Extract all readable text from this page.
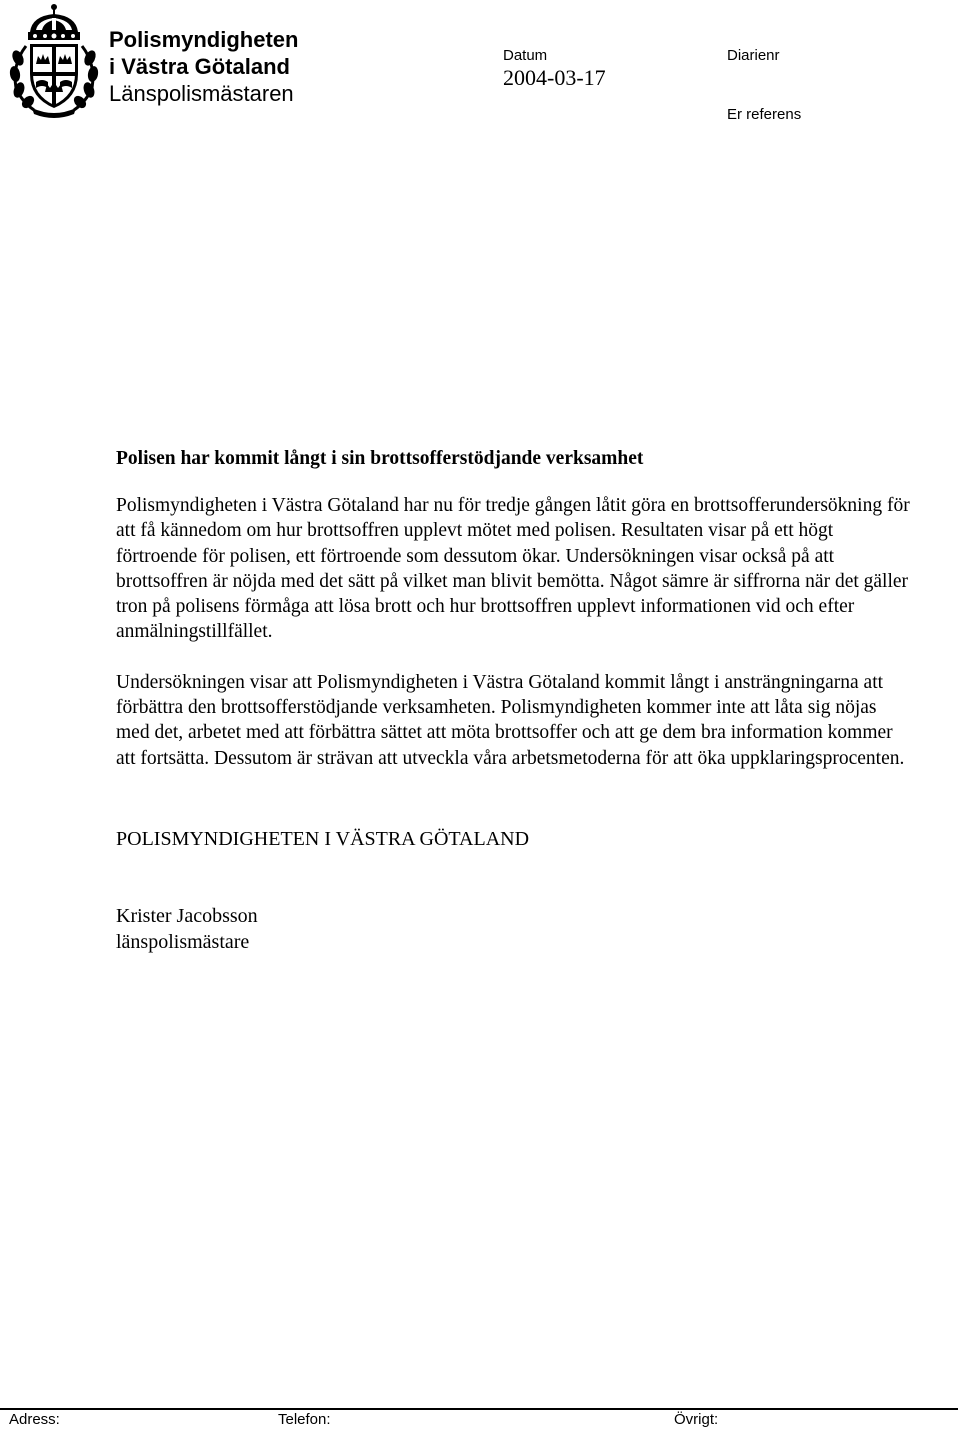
Polismyndigheten
i Västra Götaland
Länspolismästaren
Datum
2004-03-17
Diarienr
Er referens

Polisen har kommit långt i sin brottsofferstödjande verksamhet

Polismyndigheten i Västra Götaland har nu för tredje gången låtit göra en brottsofferundersökning för att få kännedom om hur brottsoffren upplevt mötet med polisen. Resultaten visar på ett högt förtroende för polisen, ett förtroende som dessutom ökar. Undersökningen visar också på att brottsoffren är nöjda med det sätt på vilket man blivit bemötta. Något sämre är siffrorna när det gäller tron på polisens förmåga att lösa brott och hur brottsoffren upplevt informationen vid och efter anmälningstillfället.

Undersökningen visar att Polismyndigheten i Västra Götaland kommit långt i ansträngningarna att förbättra den brottsofferstödjande verksamheten. Polismyndigheten kommer inte att låta sig nöjas med det, arbetet med att förbättra sättet att möta brottsoffer och att ge dem bra information kommer att fortsätta. Dessutom är strävan att utveckla våra arbetsmetoderna för att öka uppklaringsprocenten.

POLISMYNDIGHETEN I VÄSTRA GÖTALAND
Krister Jacobsson
länspolismästare
Adress:	Telefon:	Övrigt:
